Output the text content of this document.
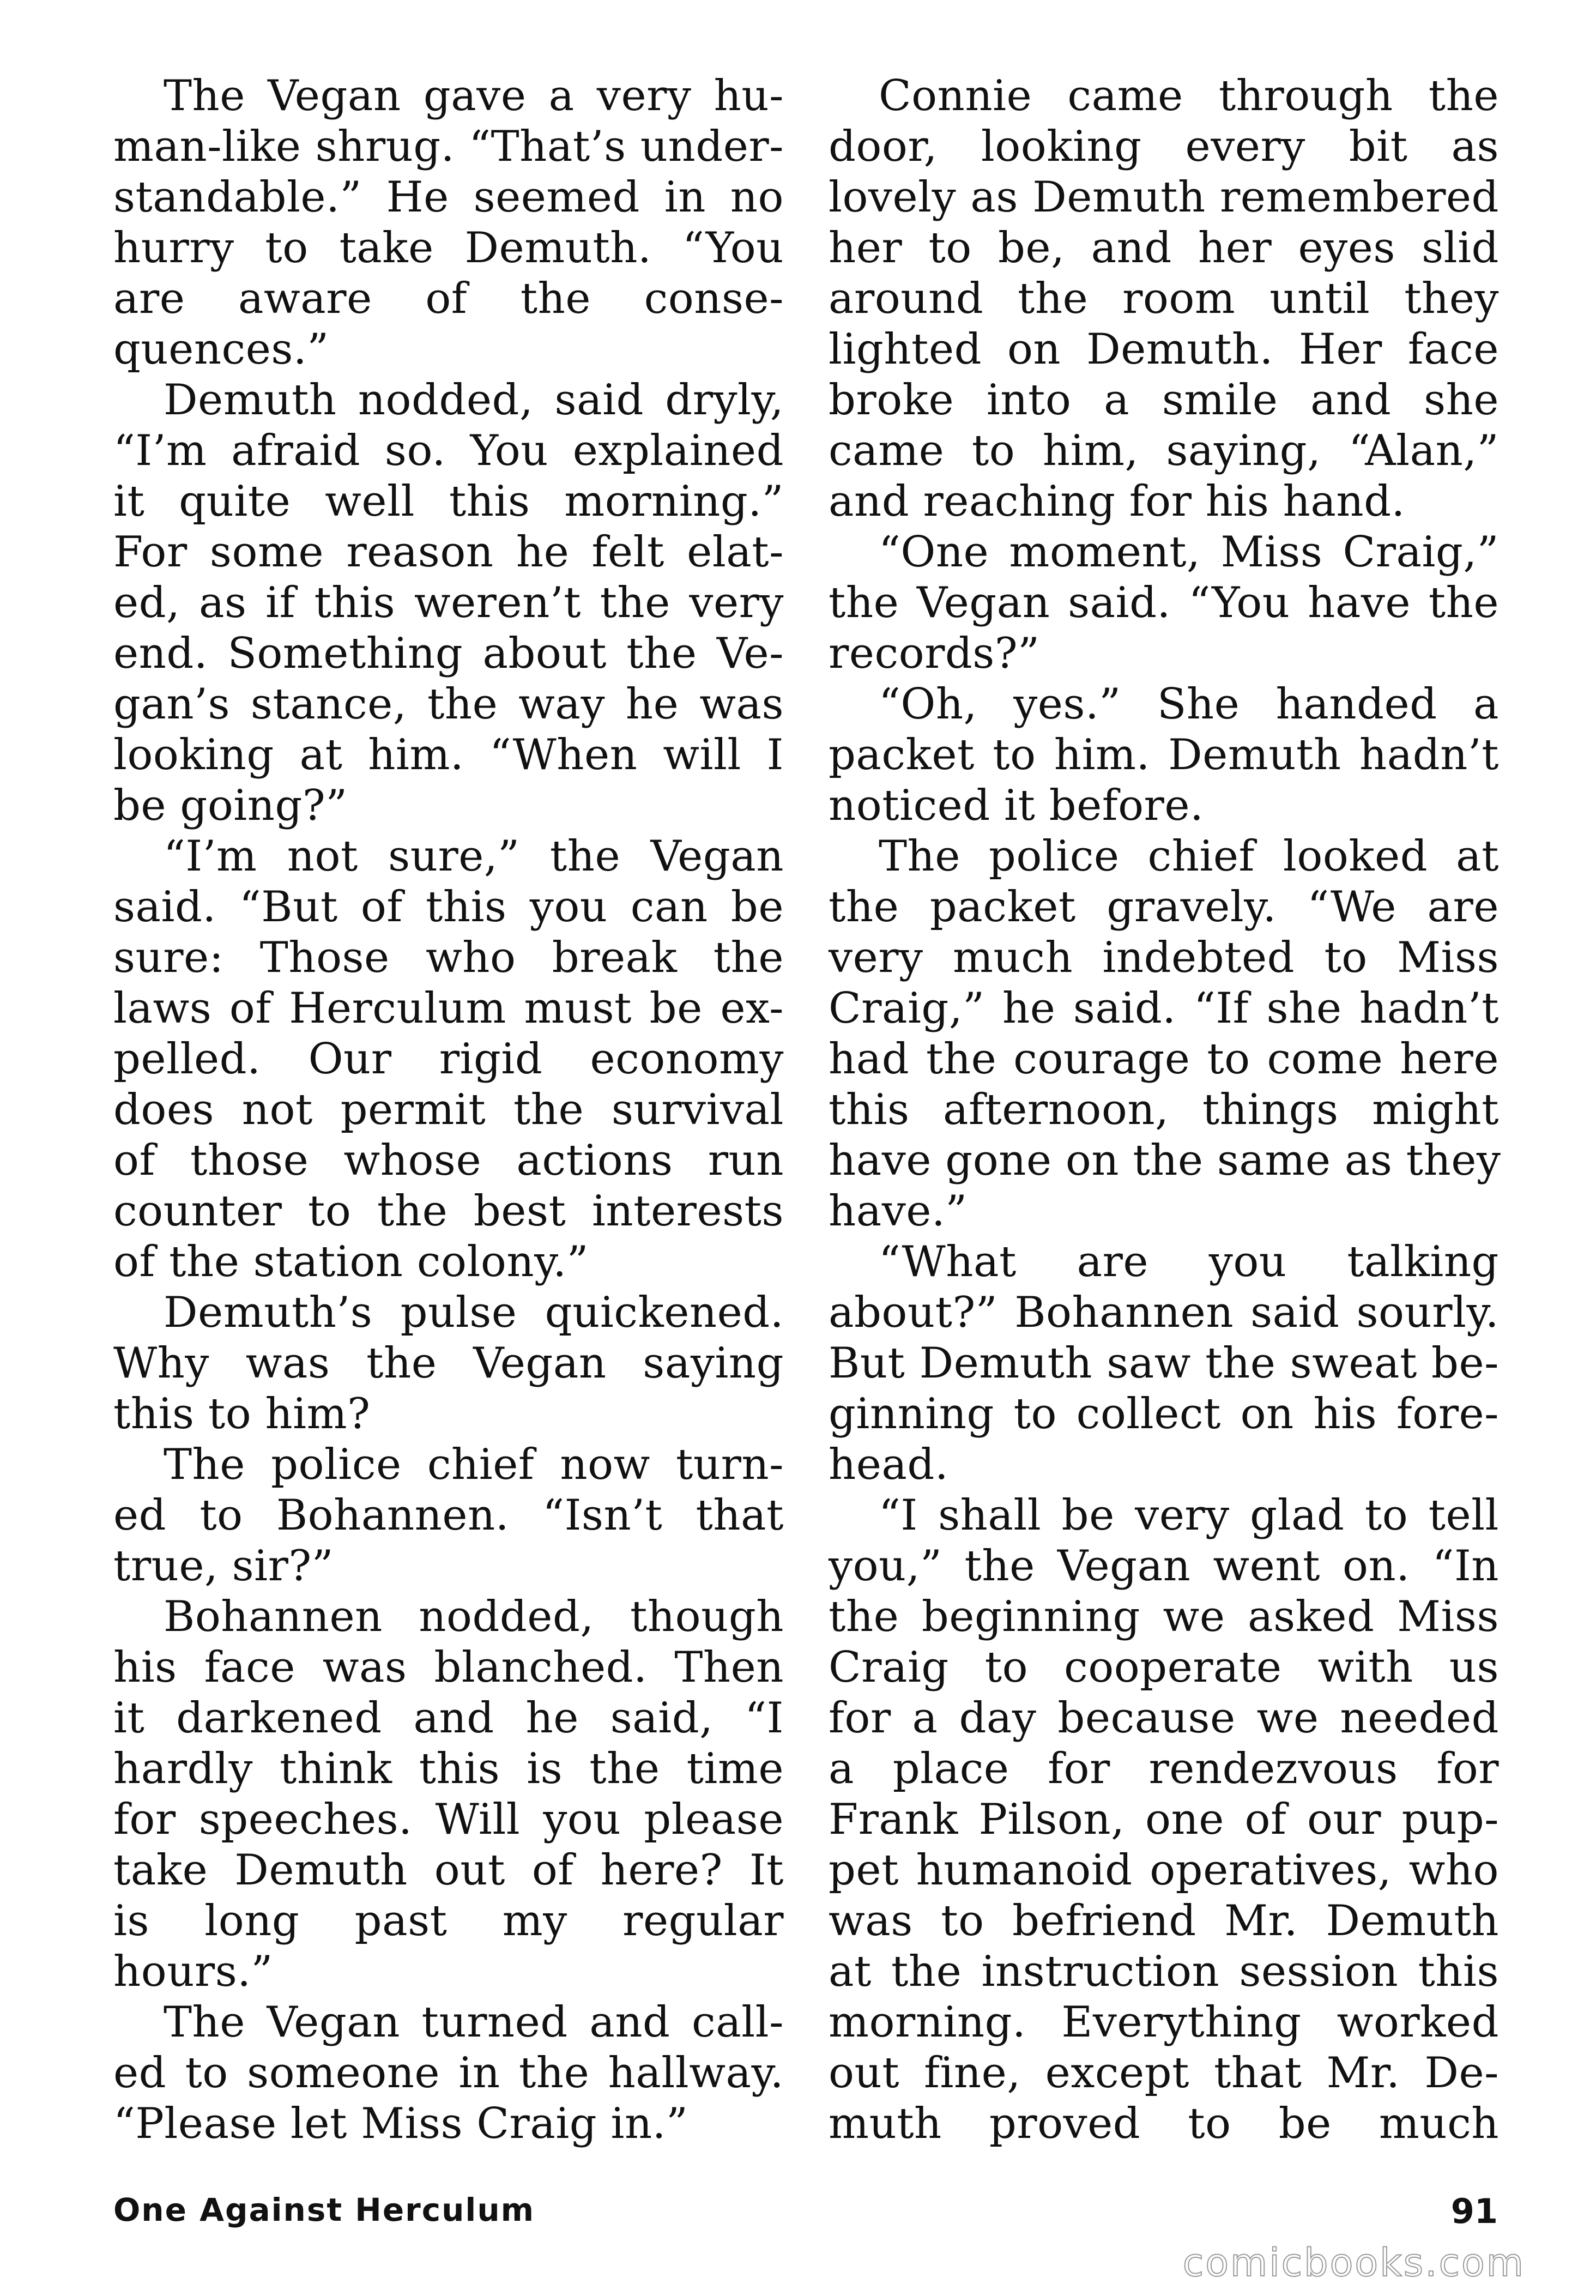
The Vegan gave a very hu-
man-like shrug. “That’s under-
standable.” He seemed in no
hurry to take Demuth. “You
are aware of the conse-
quences.”
Demuth nodded, said dryly,
“I’m afraid so. You explained
it quite well this morning.”
For some reason he felt elat-
ed, as if this weren’t the very
end. Something about the Ve-
gan’s stance, the way he was
looking at him. “When will I
be going?”
“I’m not sure,” the Vegan
said. “But of this you can be
sure: Those who break the
laws of Herculum must be ex-
pelled. Our rigid economy
does not permit the survival
of those whose actions run
counter to the best interests
of the station colony.”
Demuth’s pulse quickened.
Why was the Vegan saying
this to him?
The police chief now turn-
ed to Bohannen. “Isn’t that
true, sir?”
Bohannen nodded, though
his face was blanched. Then
it darkened and he said, “I
hardly think this is the time
for speeches. Will you please
take Demuth out of here? It
is long past my regular
hours.”
The Vegan turned and call-
ed to someone in the hallway.
“Please let Miss Craig in.”
Connie came through the
door, looking every bit as
lovely as Demuth remembered
her to be, and her eyes slid
around the room until they
lighted on Demuth. Her face
broke into a smile and she
came to him, saying, “Alan,”
and reaching for his hand.
“One moment, Miss Craig,”
the Vegan said. “You have the
records?”
“Oh, yes.” She handed a
packet to him. Demuth hadn’t
noticed it before.
The police chief looked at
the packet gravely. “We are
very much indebted to Miss
Craig,” he said. “If she hadn’t
had the courage to come here
this afternoon, things might
have gone on the same as they
have.”
“What are you talking
about?” Bohannen said sourly.
But Demuth saw the sweat be-
ginning to collect on his fore-
head.
“I shall be very glad to tell
you,” the Vegan went on. “In
the beginning we asked Miss
Craig to cooperate with us
for a day because we needed
a place for rendezvous for
Frank Pilson, one of our pup-
pet humanoid operatives, who
was to befriend Mr. Demuth
at the instruction session this
morning. Everything worked
out fine, except that Mr. De-
muth proved to be much
One Against Herculum	91
comicbooks.com
